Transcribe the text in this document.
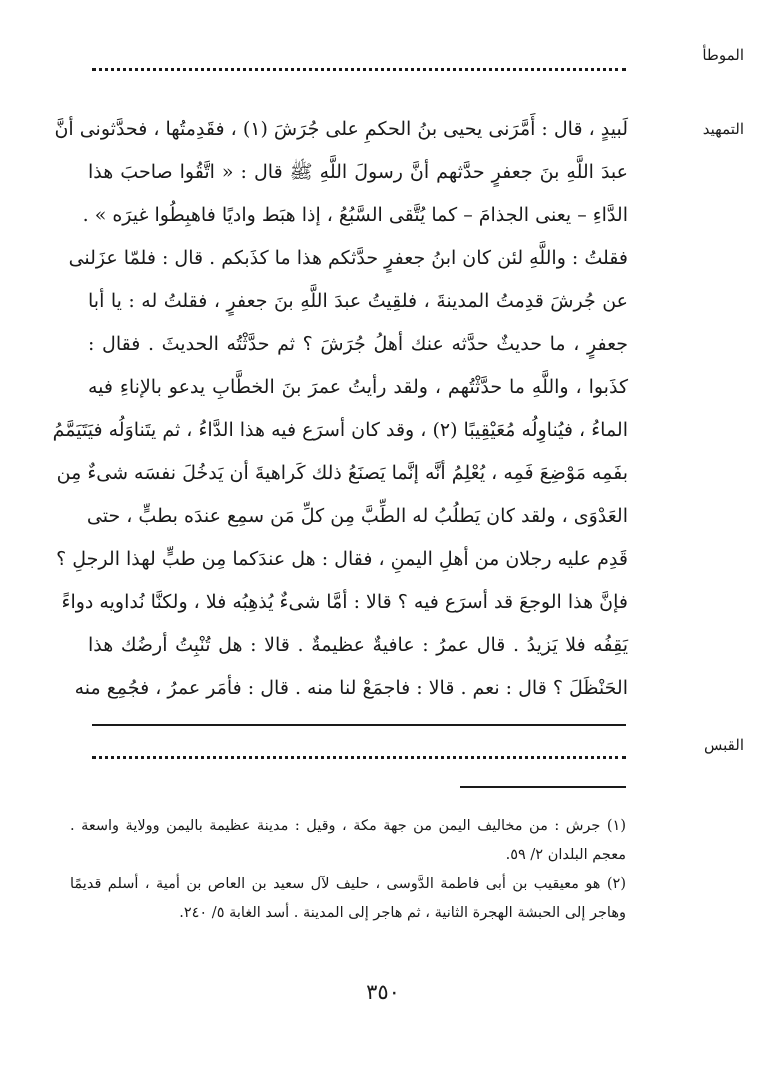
الموطأ
التمهيد
لَبيدٍ ، قال : أَمَّرَنى يحيى بنُ الحكمِ على جُرَشَ (١) ، فقَدِمتُها ، فحدَّثونى أنَّ
عبدَ اللَّهِ بنَ جعفرٍ حدَّثهم أنَّ رسولَ اللَّهِ ﷺ قال : « اتَّقُوا صاحبَ هذا
الدَّاءِ – يعنى الجذامَ – كما يُتَّقى السَّبُعُ ، إذا هبَط واديًا فاهبِطُوا غيرَه » .
فقلتُ : واللَّهِ لئن كان ابنُ جعفرٍ حدَّثكم هذا ما كذَبكم . قال : فلمّا عزَلنى
عن جُرشَ قدِمتُ المدينةَ ، فلقِيتُ عبدَ اللَّهِ بنَ جعفرٍ ، فقلتُ له : يا أبا
جعفرٍ ، ما حديثٌ حدَّثه عنك أهلُ جُرَشَ ؟ ثم حدَّثْتُه الحديثَ . فقال :
كذَبوا ، واللَّهِ ما حدَّثْتُهم ، ولقد رأيتُ عمرَ بنَ الخطَّابِ يدعو بالإناءِ فيه
الماءُ ، فيُناوِلُه مُعَيْقِيبًا (٢) ، وقد كان أسرَع فيه هذا الدَّاءُ ، ثم يتَناوَلُه فيَتَيَمَّمُ
بفَمِه مَوْضِعَ فَمِه ، يُعْلِمُ أنَّه إنَّما يَصنَعُ ذلك كَراهيةَ أن يَدخُلَ نفسَه شىءٌ مِن
العَدْوَى ، ولقد كان يَطلُبُ له الطِّبَّ مِن كلِّ مَن سمِع عندَه بطبٍّ ، حتى
قَدِم عليه رجلان من أهلِ اليمنِ ، فقال : هل عندَكما مِن طبٍّ لهذا الرجلِ ؟
فإنَّ هذا الوجعَ قد أسرَع فيه ؟ قالا : أمَّا شىءٌ يُذهِبُه فلا ، ولكنَّا نُداويه دواءً
يَقِفُه فلا يَزيدُ . قال عمرُ : عافيةٌ عظيمةٌ . قالا : هل تُنْبِتُ أرضُك هذا
الحَنْظَلَ ؟ قال : نعم . قالا : فاجمَعْ لنا منه . قال : فأمَر عمرُ ، فجُمِع منه
القبس
(١) جرش : من مخاليف اليمن من جهة مكة ، وقيل : مدينة عظيمة باليمن وولاية واسعة .
معجم البلدان ٢/ ٥٩.
(٢) هو معيقيب بن أبى فاطمة الدَّوسى ، حليف لآل سعيد بن العاص بن أمية ، أسلم قديمًا
وهاجر إلى الحبشة الهجرة الثانية ، ثم هاجر إلى المدينة . أسد الغابة ٥/ ٢٤٠.
٣٥٠
